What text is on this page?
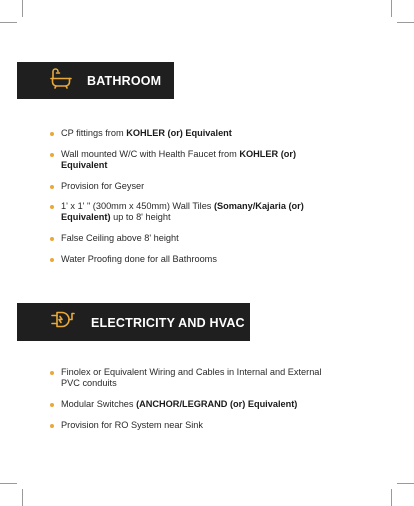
BATHROOM
CP fittings from KOHLER (or) Equivalent
Wall mounted W/C with Health Faucet from KOHLER (or) Equivalent
Provision for Geyser
1' x 1' " (300mm x 450mm) Wall Tiles (Somany/Kajaria (or) Equivalent) up to 8' height
False Ceiling above 8' height
Water Proofing done for all Bathrooms
ELECTRICITY AND HVAC
Finolex or Equivalent Wiring and Cables in Internal and External PVC conduits
Modular Switches (ANCHOR/LEGRAND (or) Equivalent)
Provision for RO System near Sink
